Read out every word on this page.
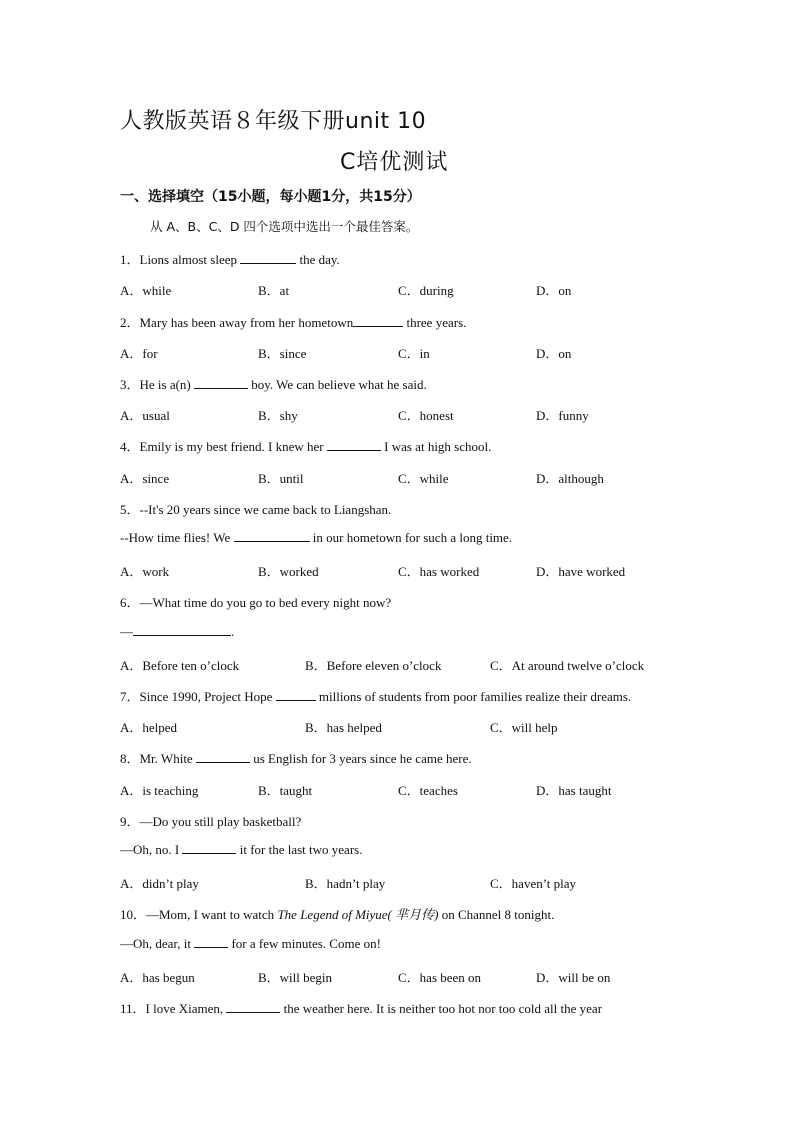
人教版英语８年级下册unit 10
C培优测试
一、选择填空（15小题，每小题1分，共15分）
从 A、B、C、D 四个选项中选出一个最佳答案。
1．Lions almost sleep	the day.
A．while	B．at	C．during	D．on
2．Mary has been away from her hometown	three years.
A．for	B．since	C．in	D．on
3．He is a(n)	boy. We can believe what he said.
A．usual	B．shy	C．honest	D．funny
4．Emily is my best friend. I knew her	I was at high school.
A．since	B．until	C．while	D．although
5．--It's 20 years since we came back to Liangshan.
--How time flies! We	in our hometown for such a long time.
A．work	B．worked	C．has worked	D．have worked
6．—What time do you go to bed every night now?
—	.
A．Before ten o’clock	B．Before eleven o’clock	C．At around twelve o’clock
7．Since 1990, Project Hope	millions of students from poor families realize their dreams.
A．helped	B．has helped	C．will help
8．Mr. White	us English for 3 years since he came here.
A．is teaching	B．taught	C．teaches	D．has taught
9．—Do you still play basketball?
—Oh, no. I	it for the last two years.
A．didn’t play	B．hadn’t play	C．haven’t play
10．—Mom, I want to watch The Legend of Miyue( 芈月传) on Channel 8 tonight.
—Oh, dear, it	for a few minutes. Come on!
A．has begun	B．will begin	C．has been on	D．will be on
11．I love Xiamen,	the weather here. It is neither too hot nor too cold all the year
